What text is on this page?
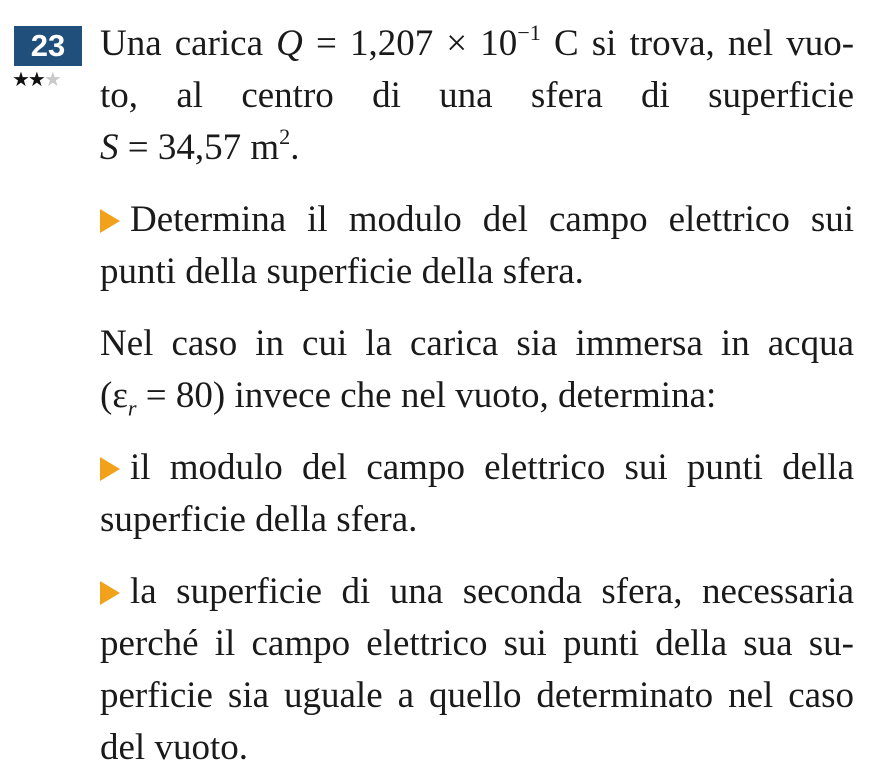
23
★★★
Una carica $Q = 1,207 \times 10^{-1}$ C si trova, nel vuo-
to, al centro di una sfera di superficie
S = 34,57 $m^2$.
Determina il modulo del campo elettrico sui
punti della superficie della sfera.
Nel caso in cui la carica sia immersa in acqua
$(\varepsilon_r = 80)$ invece che nel vuoto, determina:
il modulo del campo elettrico sui punti della
superficie della sfera.
la superficie di una seconda sfera, necessaria
perché il campo elettrico sui punti della sua su-
perficie sia uguale a quello determinato nel caso
del vuoto.
